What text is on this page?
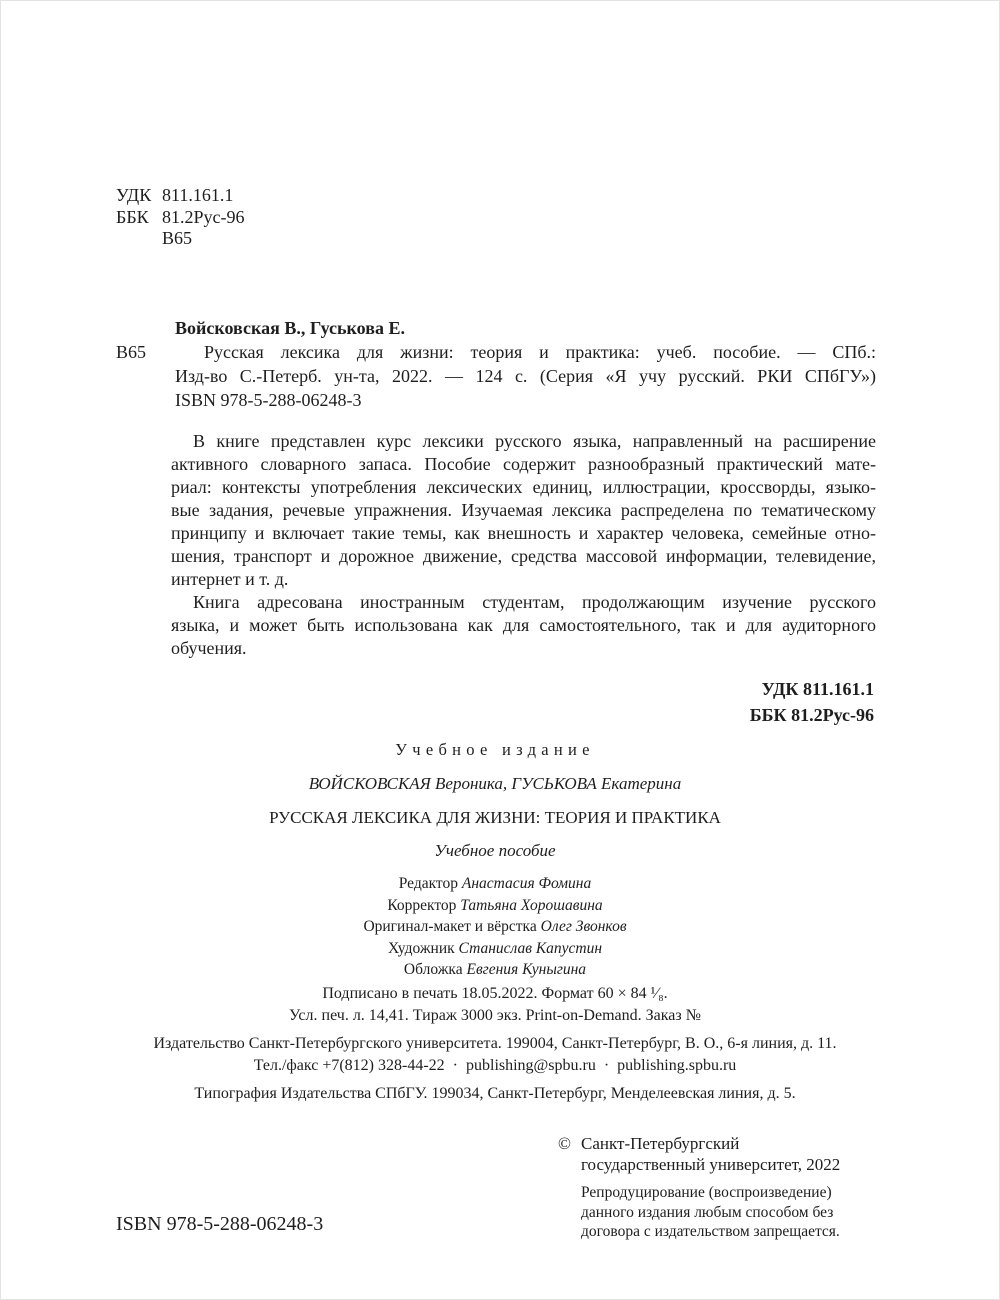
УДК 811.161.1
ББК 81.2Рус-96
В65
Войсковская В., Гуськова Е.
В65	Русская лексика для жизни: теория и практика: учеб. пособие. — СПб.:
Изд-во С.-Петерб. ун-та, 2022. — 124 с. (Серия «Я учу русский. РКИ СПбГУ»)
ISBN 978-5-288-06248-3
В книге представлен курс лексики русского языка, направленный на расширение
активного словарного запаса. Пособие содержит разнообразный практический мате-
риал: контексты употребления лексических единиц, иллюстрации, кроссворды, языко-
вые задания, речевые упражнения. Изучаемая лексика распределена по тематическому
принципу и включает такие темы, как внешность и характер человека, семейные отно-
шения, транспорт и дорожное движение, средства массовой информации, телевидение,
интернет и т. д.
Книга адресована иностранным студентам, продолжающим изучение русского
языка, и может быть использована как для самостоятельного, так и для аудиторного
обучения.
УДК 811.161.1
ББК 81.2Рус-96
Учебное издание
ВОЙСКОВСКАЯ Вероника, ГУСЬКОВА Екатерина
РУССКАЯ ЛЕКСИКА ДЛЯ ЖИЗНИ: ТЕОРИЯ И ПРАКТИКА
Учебное пособие
Редактор Анастасия Фомина
Корректор Татьяна Хорошавина
Оригинал-макет и вёрстка Олег Звонков
Художник Станислав Капустин
Обложка Евгения Куныгина
Подписано в печать 18.05.2022. Формат 60 × 84 ¹⁄₈.
Усл. печ. л. 14,41. Тираж 3000 экз. Print-on-Demand. Заказ №
Издательство Санкт-Петербургского университета. 199004, Санкт-Петербург, В. О., 6-я линия, д. 11.
Тел./факс +7(812) 328-44-22 · publishing@spbu.ru · publishing.spbu.ru
Типография Издательства СПбГУ. 199034, Санкт-Петербург, Менделеевская линия, д. 5.
© Санкт-Петербургский
государственный университет, 2022
Репродуцирование (воспроизведение)
данного издания любым способом без
договора с издательством запрещается.
ISBN 978-5-288-06248-3
